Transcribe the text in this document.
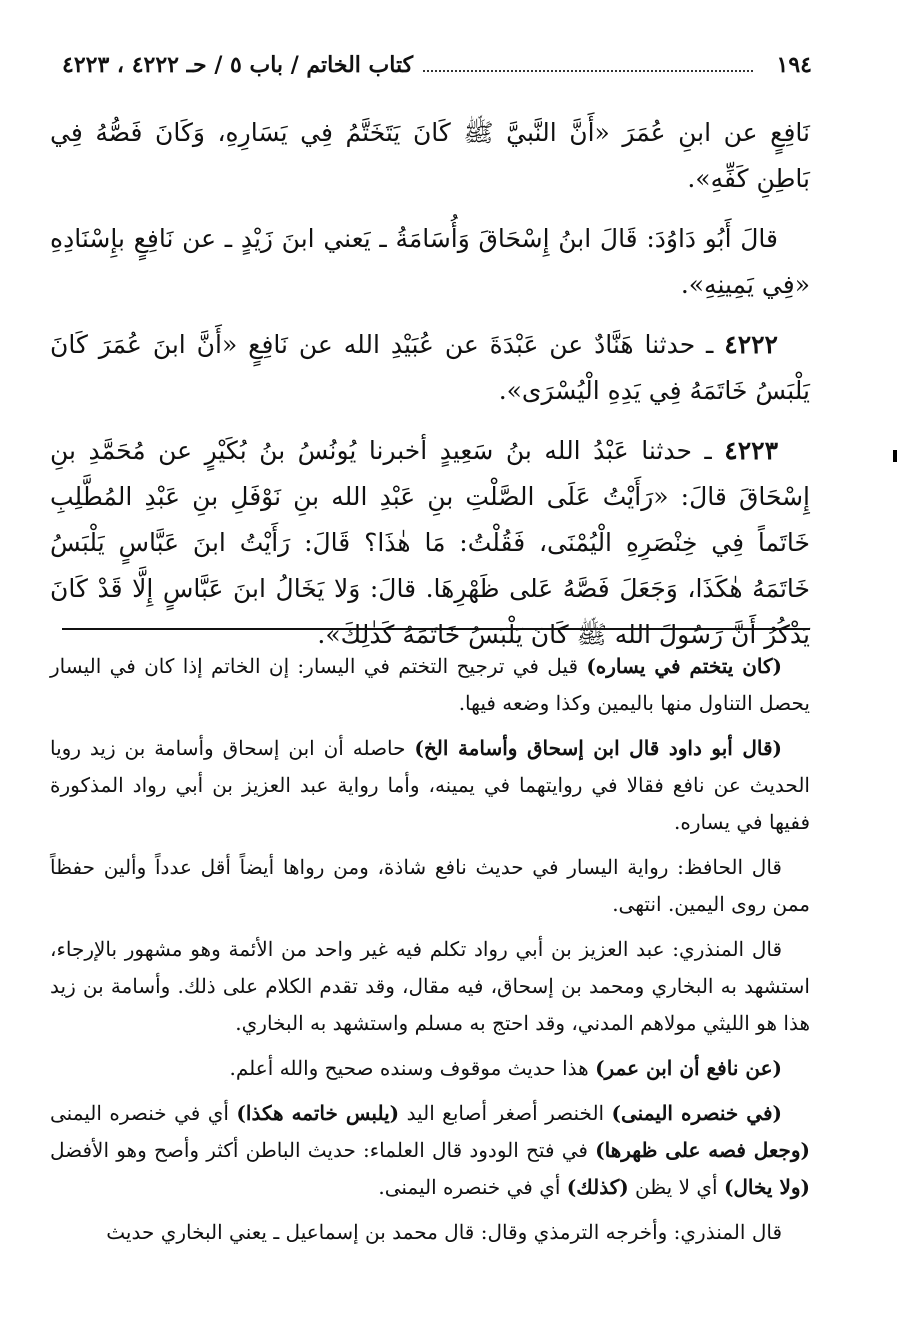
١٩٤
كتاب الخاتم / باب ٥ / حـ ٤٢٢٢ ، ٤٢٢٣

نَافِعٍ عن ابنِ عُمَرَ «أَنَّ النَّبيَّ ﷺ كَانَ يَتَخَتَّمُ فِي يَسَارِهِ، وَكَانَ فَصُّهُ فِي بَاطِنِ كَفِّهِ».

قالَ أَبُو دَاوُدَ: قَالَ ابنُ إِسْحَاقَ وَأُسَامَةُ ـ يَعني ابنَ زَيْدٍ ـ عن نَافِعٍ بإِسْنَادِهِ «فِي يَمِينِهِ».

٤٢٢٢ ـ حدثنا هَنَّادٌ عن عَبْدَةَ عن عُبَيْدِ الله عن نَافِعٍ «أَنَّ ابنَ عُمَرَ كَانَ يَلْبَسُ خَاتَمَهُ فِي يَدِهِ الْيُسْرَى».

٤٢٢٣ ـ حدثنا عَبْدُ الله بنُ سَعِيدٍ أخبرنا يُونُسُ بنُ بُكَيْرٍ عن مُحَمَّدِ بنِ إِسْحَاقَ قالَ: «رَأَيْتُ عَلَى الصَّلْتِ بنِ عَبْدِ الله بنِ نَوْفَلِ بنِ عَبْدِ المُطَّلِبِ خَاتَماً فِي خِنْصَرِهِ الْيُمْنَى، فَقُلْتُ: مَا هٰذَا؟ قَالَ: رَأَيْتُ ابنَ عَبَّاسٍ يَلْبَسُ خَاتَمَهُ هٰكَذَا، وَجَعَلَ فَصَّهُ عَلى ظَهْرِهَا. قالَ: وَلا يَخَالُ ابنَ عَبَّاسٍ إِلَّا قَدْ كَانَ يَذْكُرُ أَنَّ رَسُولَ الله ﷺ كَانَ يَلْبَسُ خَاتَمَهُ كَذٰلِكَ».

(كان يتختم في يساره) قيل في ترجيح التختم في اليسار: إن الخاتم إذا كان في اليسار يحصل التناول منها باليمين وكذا وضعه فيها.

(قال أبو داود قال ابن إسحاق وأسامة الخ) حاصله أن ابن إسحاق وأسامة بن زيد رويا الحديث عن نافع فقالا في روايتهما في يمينه، وأما رواية عبد العزيز بن أبي رواد المذكورة ففيها في يساره.

قال الحافظ: رواية اليسار في حديث نافع شاذة، ومن رواها أيضاً أقل عدداً وألين حفظاً ممن روى اليمين. انتهى.

قال المنذري: عبد العزيز بن أبي رواد تكلم فيه غير واحد من الأئمة وهو مشهور بالإرجاء، استشهد به البخاري ومحمد بن إسحاق، فيه مقال، وقد تقدم الكلام على ذلك. وأسامة بن زيد هذا هو الليثي مولاهم المدني، وقد احتج به مسلم واستشهد به البخاري.

(عن نافع أن ابن عمر) هذا حديث موقوف وسنده صحيح والله أعلم.

(في خنصره اليمنى) الخنصر أصغر أصابع اليد (يلبس خاتمه هكذا) أي في خنصره اليمنى (وجعل فصه على ظهرها) في فتح الودود قال العلماء: حديث الباطن أكثر وأصح وهو الأفضل (ولا يخال) أي لا يظن (كذلك) أي في خنصره اليمنى.

قال المنذري: وأخرجه الترمذي وقال: قال محمد بن إسماعيل ـ يعني البخاري حديث
